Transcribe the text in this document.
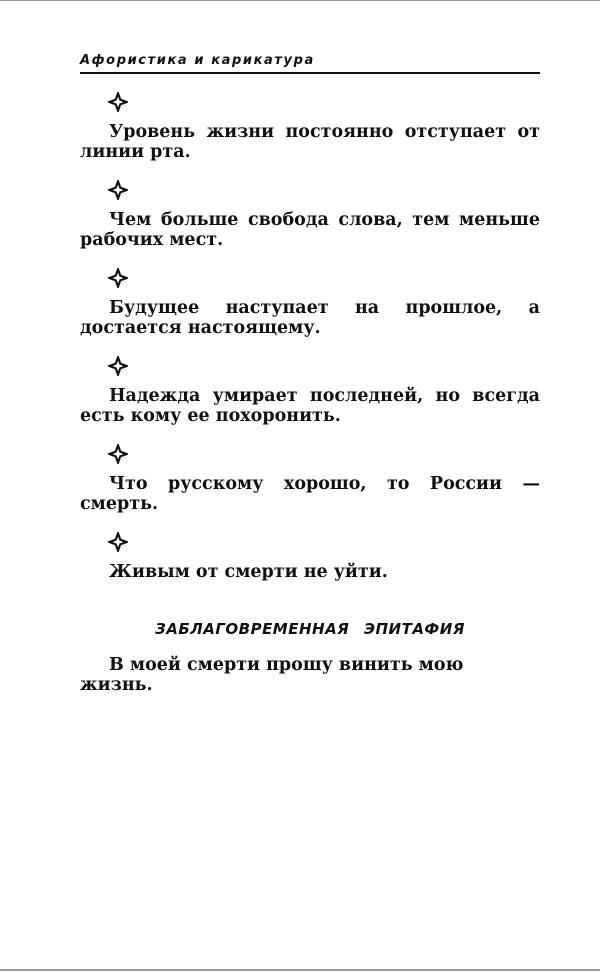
Афористика и карикатура

Уровень жизни постоянно отступает от линии рта.

Чем больше свобода слова, тем меньше рабочих мест.

Будущее наступает на прошлое, а достается настоящему.

Надежда умирает последней, но всегда есть кому ее похоронить.

Что русскому хорошо, то России — смерть.

Живым от смерти не уйти.

ЗАБЛАГОВРЕМЕННАЯ ЭПИТАФИЯ

В моей смерти прошу винить мою жизнь.
